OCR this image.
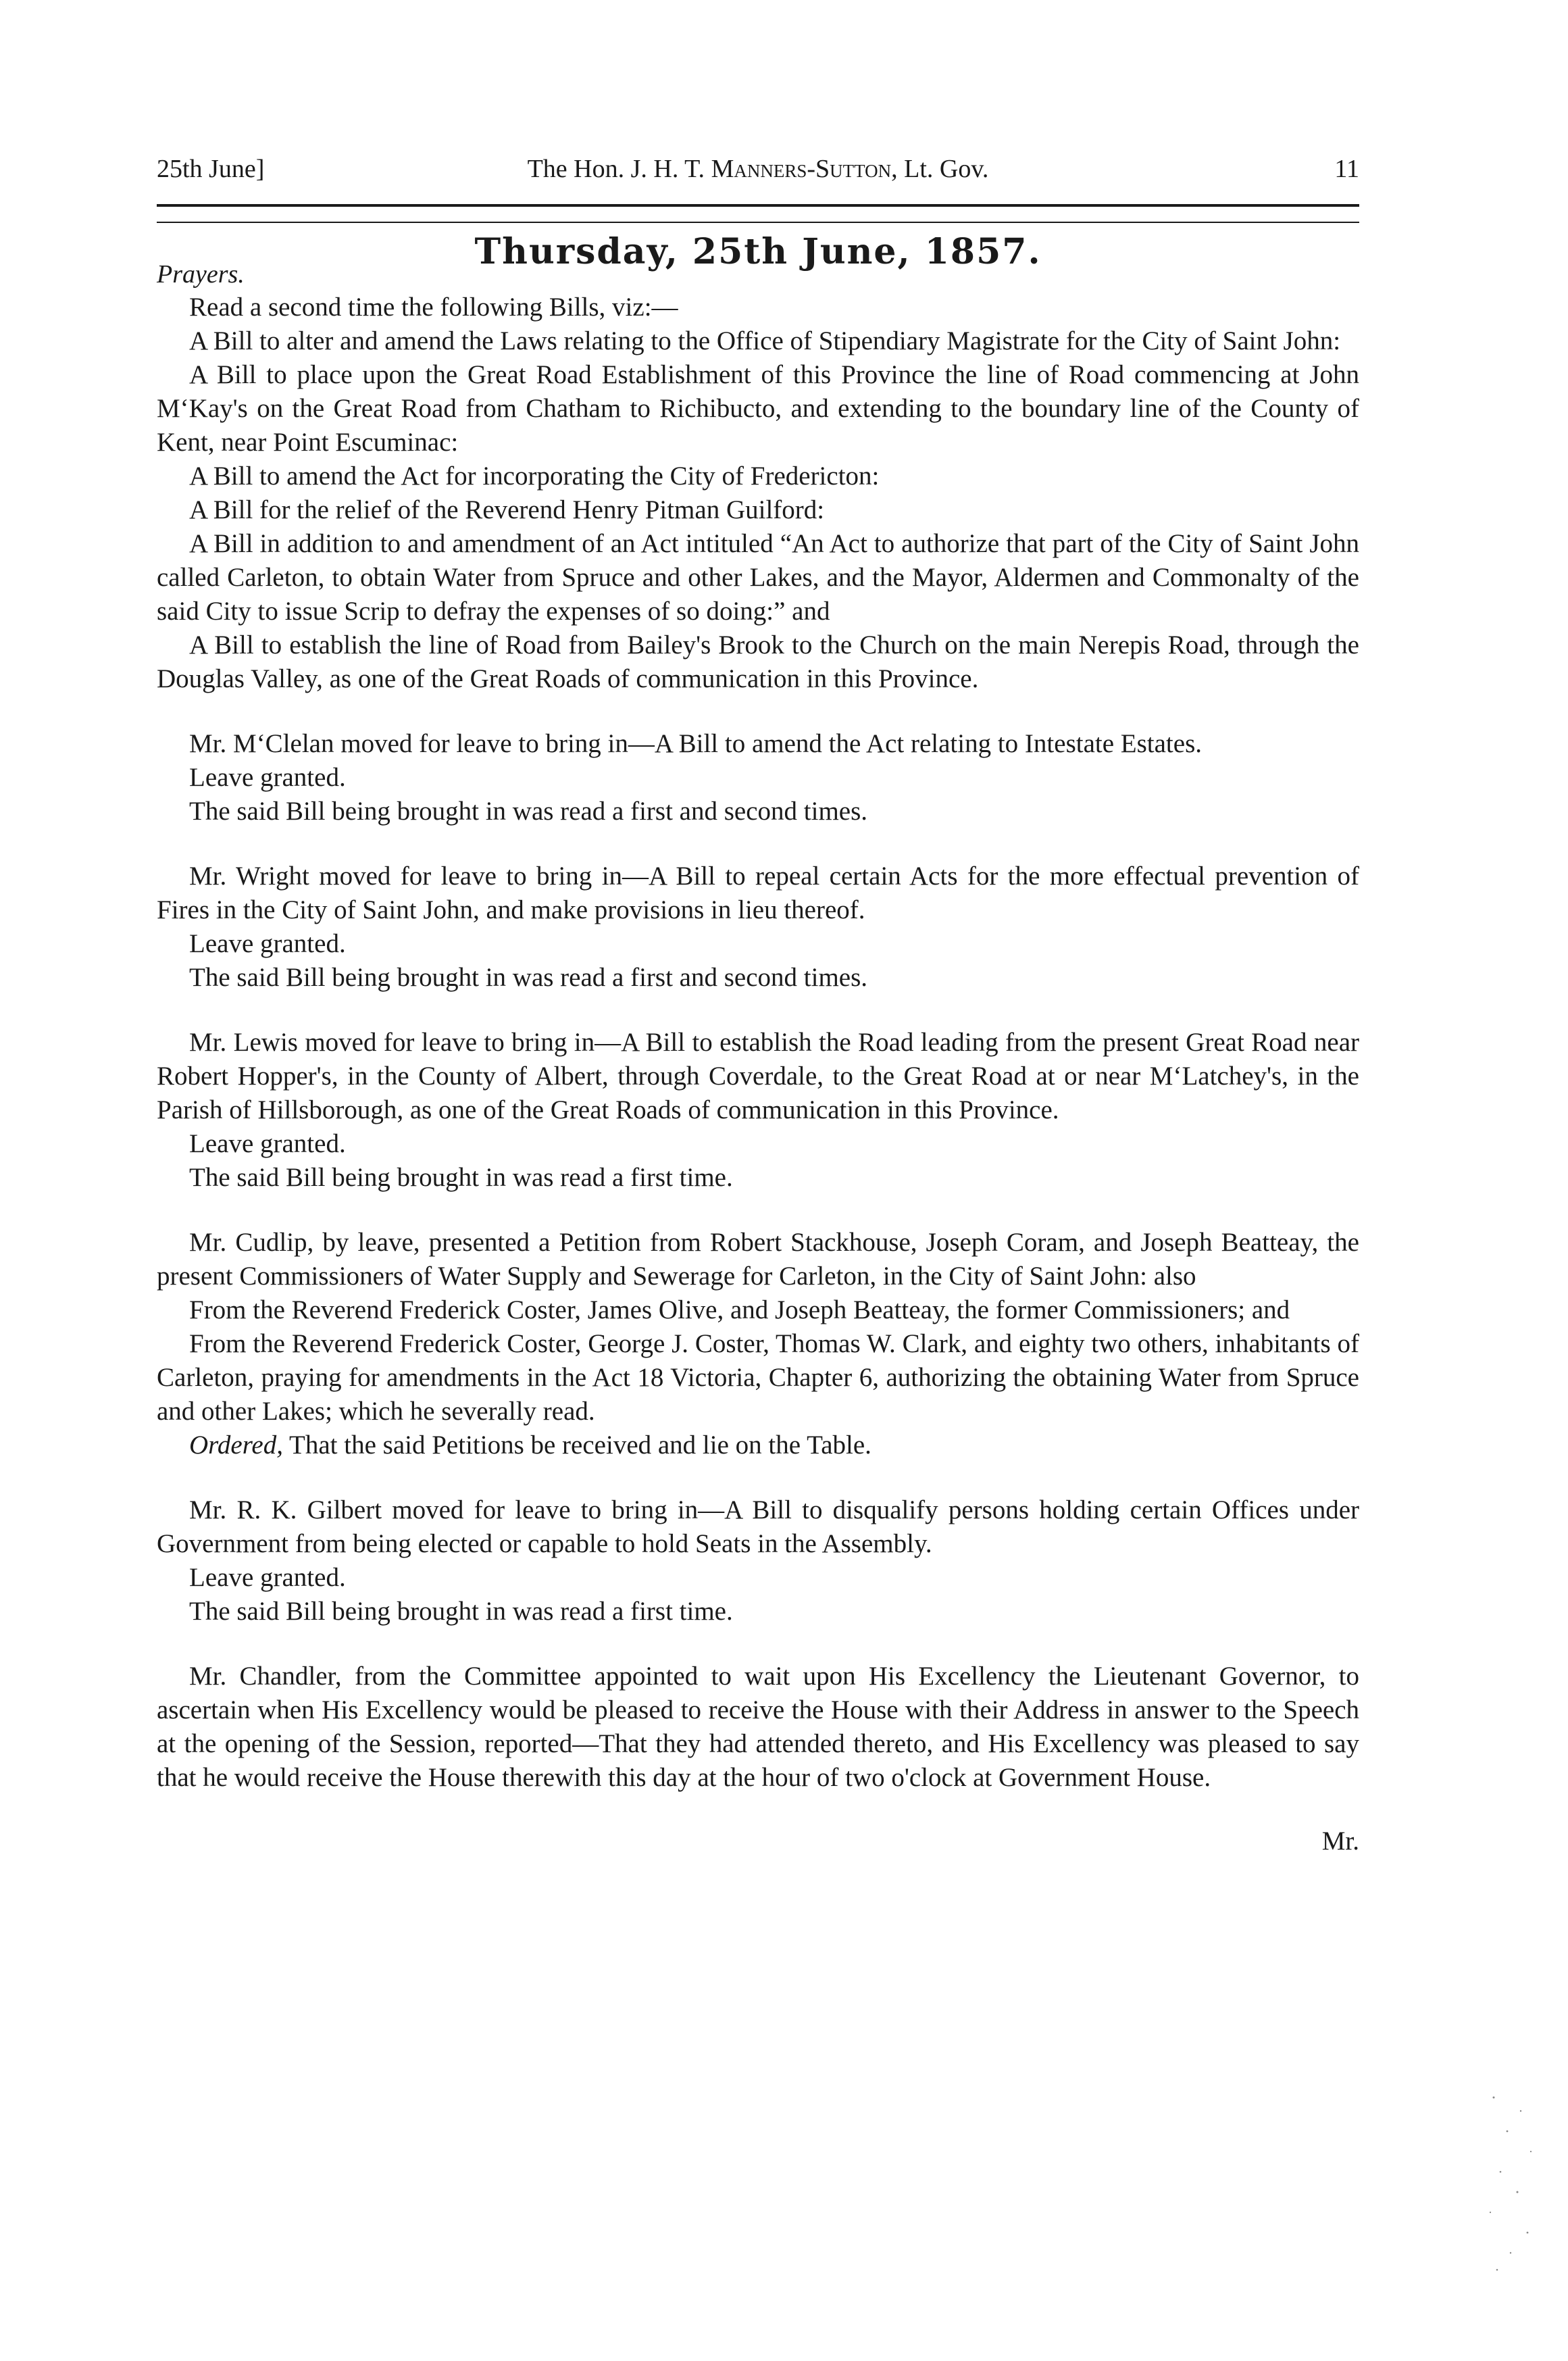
25th June]	The Hon. J. H. T. Manners-Sutton, Lt. Gov.	11
Thursday, 25th June, 1857.
Prayers.

Read a second time the following Bills, viz:—

A Bill to alter and amend the Laws relating to the Office of Stipendiary Magistrate for the City of Saint John:

A Bill to place upon the Great Road Establishment of this Province the line of Road commencing at John M‘Kay's on the Great Road from Chatham to Richibucto, and extending to the boundary line of the County of Kent, near Point Escuminac:

A Bill to amend the Act for incorporating the City of Fredericton:

A Bill for the relief of the Reverend Henry Pitman Guilford:

A Bill in addition to and amendment of an Act intituled “An Act to authorize that part of the City of Saint John called Carleton, to obtain Water from Spruce and other Lakes, and the Mayor, Aldermen and Commonalty of the said City to issue Scrip to defray the expenses of so doing:” and

A Bill to establish the line of Road from Bailey's Brook to the Church on the main Nerepis Road, through the Douglas Valley, as one of the Great Roads of communication in this Province.

Mr. M‘Clelan moved for leave to bring in—A Bill to amend the Act relating to Intestate Estates.

Leave granted.

The said Bill being brought in was read a first and second times.

Mr. Wright moved for leave to bring in—A Bill to repeal certain Acts for the more effectual prevention of Fires in the City of Saint John, and make provisions in lieu thereof.

Leave granted.

The said Bill being brought in was read a first and second times.

Mr. Lewis moved for leave to bring in—A Bill to establish the Road leading from the present Great Road near Robert Hopper's, in the County of Albert, through Coverdale, to the Great Road at or near M‘Latchey's, in the Parish of Hillsborough, as one of the Great Roads of communication in this Province.

Leave granted.

The said Bill being brought in was read a first time.

Mr. Cudlip, by leave, presented a Petition from Robert Stackhouse, Joseph Coram, and Joseph Beatteay, the present Commissioners of Water Supply and Sewerage for Carleton, in the City of Saint John: also

From the Reverend Frederick Coster, James Olive, and Joseph Beatteay, the former Commissioners; and

From the Reverend Frederick Coster, George J. Coster, Thomas W. Clark, and eighty two others, inhabitants of Carleton, praying for amendments in the Act 18 Victoria, Chapter 6, authorizing the obtaining Water from Spruce and other Lakes; which he severally read.

Ordered, That the said Petitions be received and lie on the Table.

Mr. R. K. Gilbert moved for leave to bring in—A Bill to disqualify persons holding certain Offices under Government from being elected or capable to hold Seats in the Assembly.

Leave granted.

The said Bill being brought in was read a first time.

Mr. Chandler, from the Committee appointed to wait upon His Excellency the Lieutenant Governor, to ascertain when His Excellency would be pleased to receive the House with their Address in answer to the Speech at the opening of the Session, reported—That they had attended thereto, and His Excellency was pleased to say that he would receive the House therewith this day at the hour of two o'clock at Government House.

Mr.
